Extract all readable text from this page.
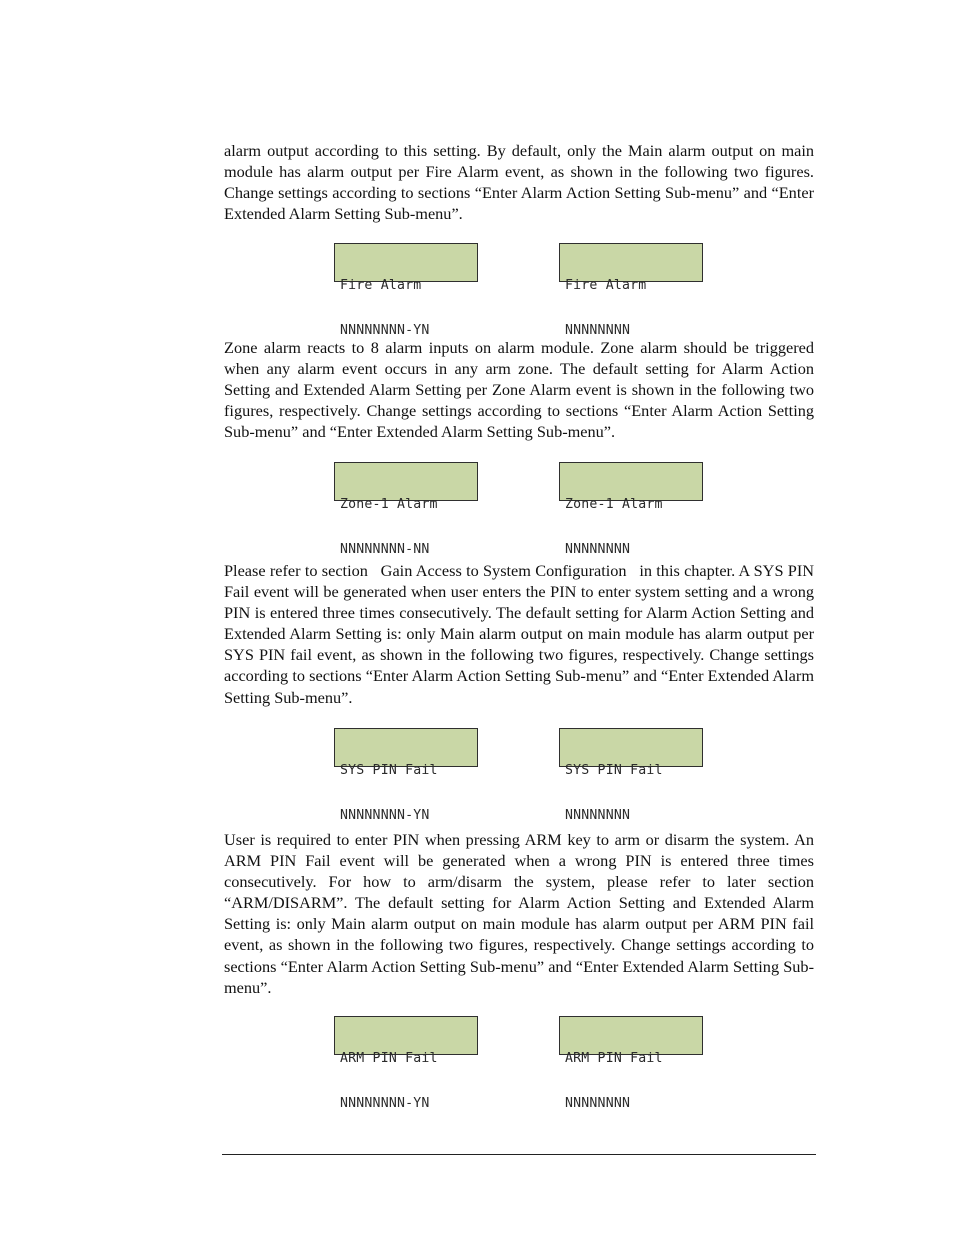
alarm output according to this setting. By default, only the Main alarm output on main module has alarm output per Fire Alarm event, as shown in the following two figures. Change settings according to sections “Enter Alarm Action Setting Sub-menu” and “Enter Extended Alarm Setting Sub-menu”.

Fire Alarm

NNNNNNNN-YN

Fire Alarm

NNNNNNNN

Zone alarm reacts to 8 alarm inputs on alarm module. Zone alarm should be triggered when any alarm event occurs in any arm zone. The default setting for Alarm Action Setting and Extended Alarm Setting per Zone Alarm event is shown in the following two figures, respectively. Change settings according to sections “Enter Alarm Action Setting Sub-menu” and “Enter Extended Alarm Setting Sub-menu”.

Zone-1 Alarm

NNNNNNNN-NN

Zone-1 Alarm

NNNNNNNN

Please refer to section   Gain Access to System Configuration   in this chapter. A SYS PIN Fail event will be generated when user enters the PIN to enter system setting and a wrong PIN is entered three times consecutively. The default setting for Alarm Action Setting and Extended Alarm Setting is: only Main alarm output on main module has alarm output per SYS PIN fail event, as shown in the following two figures, respectively. Change settings according to sections “Enter Alarm Action Setting Sub-menu” and “Enter Extended Alarm Setting Sub-menu”.

SYS PIN Fail

NNNNNNNN-YN

SYS PIN Fail

NNNNNNNN

User is required to enter PIN when pressing ARM key to arm or disarm the system. An ARM PIN Fail event will be generated when a wrong PIN is entered three times consecutively. For how to arm/disarm the system, please refer to later section “ARM/DISARM”. The default setting for Alarm Action Setting and Extended Alarm Setting is: only Main alarm output on main module has alarm output per ARM PIN fail event, as shown in the following two figures, respectively. Change settings according to sections “Enter Alarm Action Setting Sub-menu” and “Enter Extended Alarm Setting Sub-menu”.

ARM PIN Fail

NNNNNNNN-YN

ARM PIN Fail

NNNNNNNN
